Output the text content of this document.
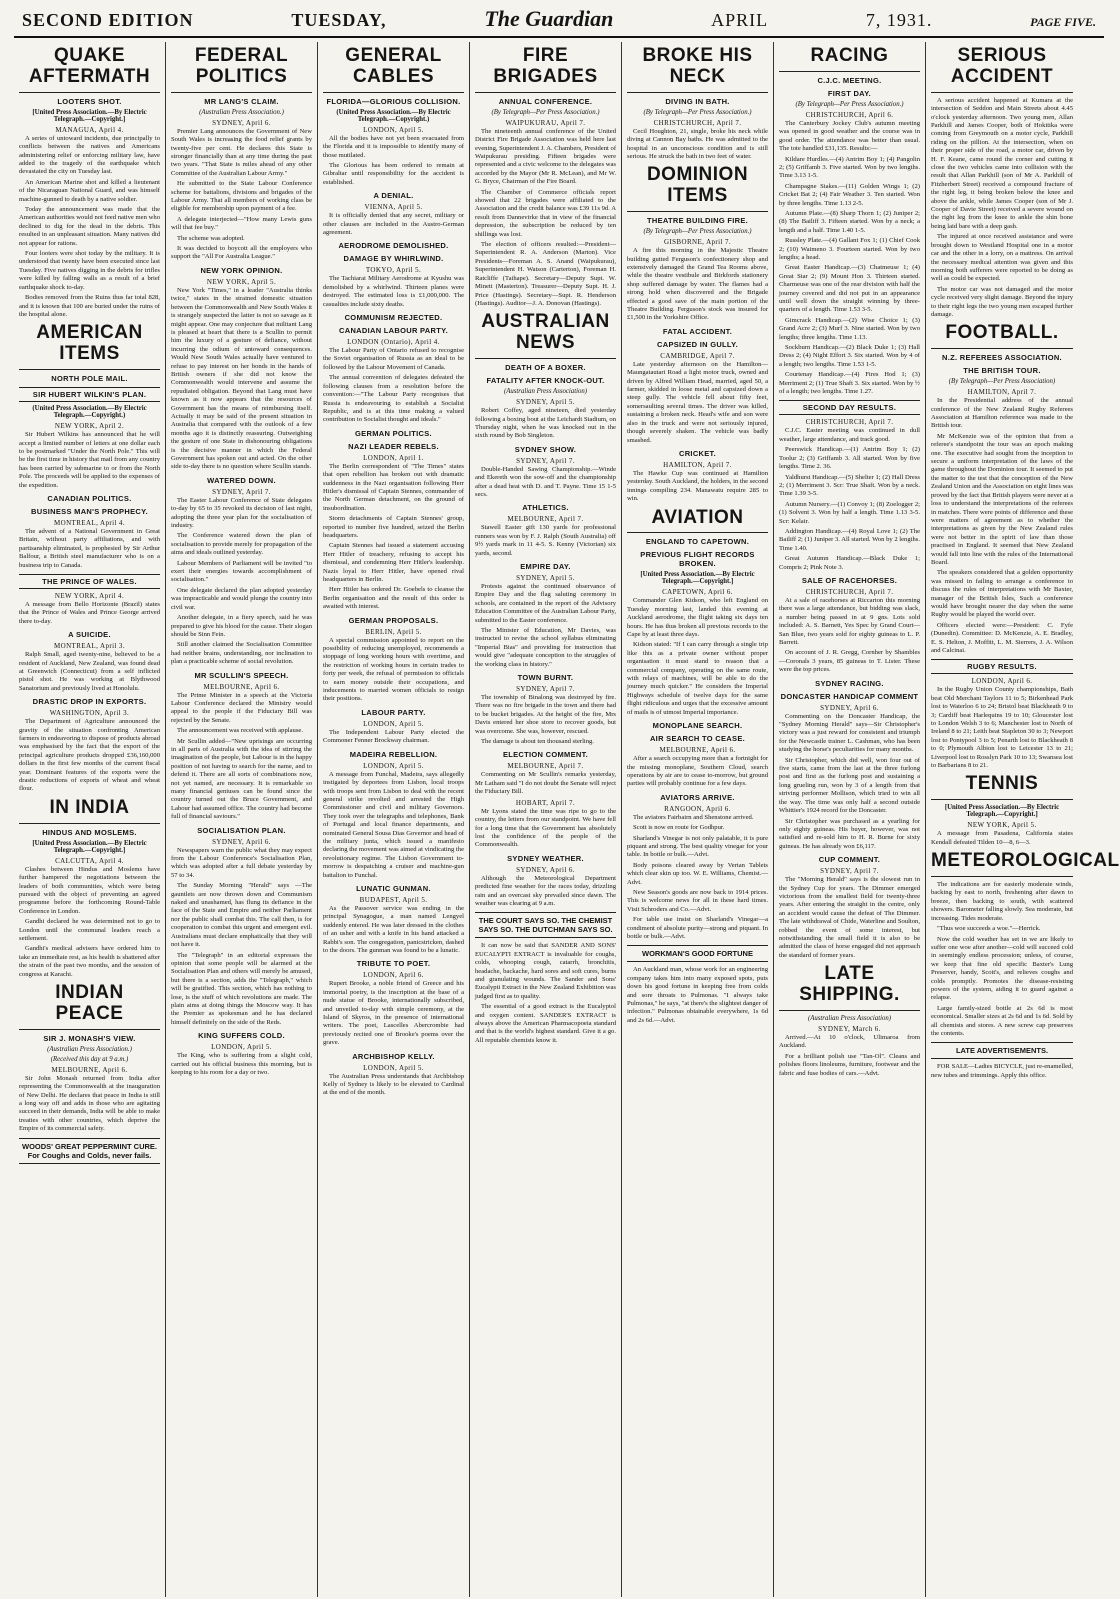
SECOND EDITION	TUESDAY,	The Guardian	APRIL	7, 1931.	PAGE FIVE.
QUAKE AFTERMATH
LOOTERS SHOT.
[United Press Association.—By Electric Telegraph.—Copyright.]
MANAGUA, April 4.
A series of untoward incidents, due principally to conflicts between the natives and Americans administering relief or enforcing military law, have added to the tragedy of the earthquake which devastated the city on Tuesday last.
An American Marine shot and killed a lieutenant of the Nicaraguan National Guard, and was himself machine-gunned to death by a native soldier.
Today the announcement was made that the American authorities would not feed native men who declined to dig for the dead in the debris. This resulted in an unpleasant situation. Many natives did not appear for rations.
Four looters were shot today by the military. It is understood that twenty have been executed since last Tuesday. Five natives digging in the debris for trifles were killed by falling walls as a result of a brief earthquake shock to-day.
Bodies removed from the Ruins thus far total 828, and it is known that 100 are buried under the ruins of the hospital alone.
AMERICAN ITEMS
NORTH POLE MAIL.
SIR HUBERT WILKIN'S PLAN.
(United Press Association.—By Electric Telegraph.—Copyright.)
NEW YORK, April 2.
Sir Hubert Wilkins has announced that he will accept a limited number of letters at one dollar each to be postmarked "Under the North Pole." This will be the first time in history that mail from any country has been carried by submarine to or from the North Pole. The proceeds will be applied to the expenses of the expedition.
CANADIAN POLITICS.
BUSINESS MAN'S PROPHECY.
MONTREAL, April 4.
The advent of a National Government in Great Britain, without party affiliations, and with partisanship eliminated, is prophesied by Sir Arthur Balfour, a British steel manufacturer who is on a business trip to Canada.
THE PRINCE OF WALES.
NEW YORK, April 4.
A message from Bello Horizonte (Brazil) states that the Prince of Wales and Prince George arrived there to-day.
A SUICIDE.
MONTREAL, April 3.
Ralph Small, aged twenty-nine, believed to be a resident of Auckland, New Zealand, was found dead at Greenwich (Connecticut) from a self inflicted pistol shot. He was working at Blythwood Sanatorium and previously lived at Honolulu.
DRASTIC DROP IN EXPORTS.
WASHINGTON, April 3.
The Department of Agriculture announced the gravity of the situation confronting American farmers in endeavoring to dispose of products abroad was emphasised by the fact that the export of the principal agriculture products dropped £36,160,000 dollars in the first few months of the current fiscal year. Dominant features of the exports were the drastic reductions of exports of wheat and wheat flour.
IN INDIA
HINDUS AND MOSLEMS.
[United Press Association.—By Electric Telegraph.—Copyright.]
CALCUTTA, April 4.
Clashes between Hindus and Moslems have further hampered the negotiations between the leaders of both communities, which were being pursued with the object of preventing an agreed programme before the forthcoming Round-Table Conference in London.
Gandhi declared he was determined not to go to London until the communal leaders reach a settlement.
Gandhi's medical advisers have ordered him to take an immediate rest, as his health is shattered after the strain of the past two months, and the session of congress at Karachi.
INDIAN PEACE
SIR J. MONASH'S VIEW.
(Australian Press Association.)
(Received this day at 9 a.m.)
MELBOURNE, April 6.
Sir John Monash returned from India after representing the Commonwealth at the inauguration of New Delhi. He declares that peace in India is still a long way off and adds in those who are agitating succeed in their demands, India will be able to make treaties with other countries, which deprive the Empire of its commercial safety.
WOODS' GREAT PEPPERMINT CURE. For Coughs and Colds, never fails.
FEDERAL POLITICS
MR LANG'S CLAIM.
(Australian Press Association.)
SYDNEY, April 6.
Premier Lang announces the Government of New South Wales is increasing the food relief grants by twenty-five per cent. He declares this State is stronger financially than at any time during the past two years. "That State is miles ahead of any other Committee of the Australian Labour Army."
He submitted to the State Labour Conference scheme for battalions, divisions and brigades of the Labour Army. That all members of working class be eligible for membership upon payment of a fee.
A delegate interjected—"How many Lewis guns will that fee buy."
The scheme was adopted.
It was decided to boycott all the employers who support the "All For Australia League."
NEW YORK OPINION.
NEW YORK, April 5.
New York "Times," in a leader "Australia thinks twice," states in the strained domestic situation between the Commonwealth and New South Wales it is strangely suspected the latter is not so savage as it might appear. One may conjecture that militant Lang is pleased at heart that there is a Scullin to permit him the luxury of a gesture of defiance, without incurring the odium of untoward consequences. Would New South Wales actually have ventured to refuse to pay interest on her bonds in the hands of British owners if she did not know the Commonwealth would intervene and assume the repudiated obligation. Beyond that Lang must have known as it now appears that the resources of Government has the means of reimbursing itself. Actually it may be said of the present situation in Australia that compared with the outlook of a few months ago it is distinctly reassuring. Outweighing the gesture of one State in dishonouring obligations is the decisive manner in which the Federal Government has spoken out and acted. On the other side to-day there is no question where Scullin stands.
WATERED DOWN.
SYDNEY, April 7.
The Easter Labour Conference of State delegates to-day by 65 to 35 revoked its decision of last night, adopting the three year plan for the socialisation of industry.
The Conference watered down the plan of socialisation to provide merely for propagation of the aims and ideals outlined yesterday.
Labour Members of Parliament will be invited "to exert their energies towards accomplishment of socialisation."
One delegate declared the plan adopted yesterday was impracticable and would plunge the country into civil war.
Another delegate, in a fiery speech, said he was prepared to give his blood for the cause. Their slogan should be Sinn Fein.
Still another claimed the Socialisation Committee had neither brains, understanding, nor inclination to plan a practicable scheme of social revolution.
MR SCULLIN'S SPEECH.
MELBOURNE, April 6.
The Prime Minister in a speech at the Victoria Labour Conference declared the Ministry would appeal to the people if the Fiduciary Bill was rejected by the Senate.
The announcement was received with applause.
Mr Scullin added—"New uprisings are occurring in all parts of Australia with the idea of stirring the imagination of the people, but Labour is in the happy position of not having to search for the name, and to defend it. There are all sorts of combinations now, not yet named, are necessary. It is remarkable so many financial geniuses can be found since the country turned out the Bruce Government, and Labour had assumed office. The country had become full of financial saviours."
SOCIALISATION PLAN.
SYDNEY, April 6.
Newspapers warn the public what they may expect from the Labour Conference's Socialisation Plan, which was adopted after a full debate yesterday by 57 to 34.
The Sunday Morning "Herald" says —The gauntlets are now thrown down and Communism naked and unashamed, has flung its defiance in the face of the State and Empire and neither Parliament nor the public shall combat this. The call then, is for cooperation to combat this urgent and emergent evil. Australians must declare emphatically that they will not have it.
The "Telegraph" in an editorial expresses the opinion that some people will be alarmed at the Socialisation Plan and others will merely be amused, but there is a section, adds the "Telegraph," which will be gratified. This section, which has nothing to lose, is the stuff of which revolutions are made. The plain aims at doing things the Moscow way. It has the Premier as spokesman and he has declared himself definitely on the side of the Reds.
KING SUFFERS COLD.
LONDON, April 5.
The King, who is suffering from a slight cold, carried out his official business this morning, but is keeping to his room for a day or two.
GENERAL CABLES
FLORIDA—GLORIOUS COLLISION.
(United Press Association.—By Electric Telegraph.—Copyright.)
LONDON, April 5.
All the bodies have not yet been evacuated from the Florida and it is impossible to identify many of those mutilated.
The Glorious has been ordered to remain at Gibraltar until responsibility for the accident is established.
A DENIAL.
VIENNA, April 5.
It is officially denied that any secret, military or other clauses are included in the Austro-German agreement.
AERODROME DEMOLISHED.
DAMAGE BY WHIRLWIND.
TOKYO, April 5.
The Tachiarai Military Aerodrome at Kyushu was demolished by a whirlwind. Thirteen planes were destroyed. The estimated loss is £1,000,000. The casualties include sixty deaths.
COMMUNISM REJECTED.
CANADIAN LABOUR PARTY.
LONDON (Ontario), April 4.
The Labour Party of Ontario refused to recognise the Soviet organisation of Russia as an ideal to be followed by the Labour Movement of Canada.
The annual convention of delegates defeated the following clauses from a resolution before the convention:—"The Labour Party recognises that Russia is endeavouring to establish a Socialist Republic, and is at this time making a valued contribution to Socialist thought and ideals."
GERMAN POLITICS.
NAZI LEADER REBELS.
LONDON, April 1.
The Berlin correspondent of "The Times" states that open rebellion has broken out with dramatic suddenness in the Nazi organisation following Herr Hitler's dismissal of Captain Stennes, commander of the North German detachment, on the ground of insubordination.
Storm detachments of Captain Stennes' group, reported to number five hundred, seized the Berlin headquarters.
Captain Stennes had issued a statement accusing Herr Hitler of treachery, refusing to accept his dismissal, and condemning Herr Hitler's leadership. Nazis loyal to Herr Hitler, have opened rival headquarters in Berlin.
Herr Hitler has ordered Dr. Goebels to cleanse the Berlin organisation and the result of this order is awaited with interest.
GERMAN PROPOSALS.
BERLIN, April 5.
A special commission appointed to report on the possibility of reducing unemployed, recommends a stoppage of long working hours with overtime, and the restriction of working hours in certain trades to forty per week, the refusal of permission to officials to earn money outside their occupations, and inducements to married women officials to resign their positions.
LABOUR PARTY.
LONDON, April 5.
The Independent Labour Party elected the Commoner Fenner Brockway chairman.
MADEIRA REBELLION.
LONDON, April 5.
A message from Funchal, Madeira, says allegedly instigated by deportees from Lisbon, local troops with troops sent from Lisbon to deal with the recent general strike revolted and arrested the High Commissioner and civil and military Governors. They took over the telegraphs and telephones, Bank of Portugal and local finance departments, and nominated General Sousa Dias Governor and head of the military junta, which issued a manifesto declaring the movement was aimed at vindicating the revolutionary regime. The Lisbon Government to-morrow is despatching a cruiser and machine-gun battalion to Funchal.
LUNATIC GUNMAN.
BUDAPEST, April 5.
As the Passover service was ending in the principal Synagogue, a man named Lengyel suddenly entered. He was later dressed in the clothes of an usher and with a knife in his hand attacked a Rabbi's son. The congregation, panicstricken, dashed to the doors. The gunman was found to be a lunatic.
TRIBUTE TO POET.
LONDON, April 6.
Rupert Brooke, a noble friend of Greece and his immortal poetry, is the inscription at the base of a nude statue of Brooke, internationally subscribed, and unveiled to-day with simple ceremony, at the Island of Skyros, in the presence of international writers. The poet, Lascelles Abercrombie had previously recited one of Brooke's poems over the grave.
ARCHBISHOP KELLY.
LONDON, April 5.
The Australian Press understands that Archbishop Kelly of Sydney is likely to be elevated to Cardinal at the end of the month.
FIRE BRIGADES
ANNUAL CONFERENCE.
(By Telegraph—Per Press Association.)
WAIPUKURAU, April 7.
The nineteenth annual conference of the United District Fire Brigade Association was held here last evening, Superintendent J. A. Chambers, President of Waipukurau presiding. Fifteen brigades were represented and a civic welcome to the delegates was accorded by the Mayor (Mr R. McLean), and Mr W. G. Bryce, Chairman of the Fire Board.
The Chamber of Commerce officials report showed that 22 brigades were affiliated to the Association and the credit balance was £39 11s 9d. A result from Dannevirke that in view of the financial depression, the subscription be reduced by ten shillings was lost.
The election of officers resulted:—President—Superintendent R. A. Anderson (Marton). Vice Presidents—Foreman A. S. Anand (Waipukurau), Superintendent H. Watson (Carterton), Foreman H. Ratcliffe (Taihape). Secretary—Deputy Supt. W. Minett (Masterton). Treasurer—Deputy Supt. H. J. Price (Hastings). Secretary—Supt. R. Henderson (Hastings). Auditor—J. A. Donovan (Hastings).
AUSTRALIAN NEWS
DEATH OF A BOXER.
FATALITY AFTER KNOCK-OUT.
(Australian Press Association)
SYDNEY, April 5.
Robert Coffey, aged nineteen, died yesterday following a boxing bout at the Leichardt Stadium, on Thursday night, when he was knocked out in the sixth round by Bob Singleton.
SYDNEY SHOW.
SYDNEY, April 7.
Double-Handed Sawing Championship.—Winde and Ekereth won the sow-off and the championship after a dead heat with D. and T. Payne. Time 15 1-5 secs.
ATHLETICS.
MELBOURNE, April 7.
Stawell Easter gift 130 yards for professional runners was won by F. J. Ralph (South Australia) off 9½ yards mark in 11 4-5. S. Kenny (Victorian) six yards, second.
EMPIRE DAY.
SYDNEY, April 5.
Protests against the continued observance of Empire Day and the flag saluting ceremony in schools, are contained in the report of the Advisory Education Committee of the Australian Labour Party, submitted to the Easter conference.
The Minister of Education, Mr Davies, was instructed to revise the school syllabus eliminating "Imperial Bias" and providing for instruction that would give "adequate conception to the struggles of the working class in history."
TOWN BURNT.
SYDNEY, April 7.
The township of Binalong was destroyed by fire. There was no fire brigade in the town and there had to be bucket brigades. At the height of the fire, Mrs Davis entered her shoe store to recover goods, but was overcome. She was, however, rescued.
The damage is about ten thousand sterling.
ELECTION COMMENT.
MELBOURNE, April 7.
Commenting on Mr Scullin's remarks yesterday, Mr Latham said "I do not doubt the Senate will reject the Fiduciary Bill.
HOBART, April 7.
Mr Lyons stated the time was ripe to go to the country, the letters from our standpoint. We have fell for a long time that the Government has absolutely lost the confidence of the people of the Commonwealth.
SYDNEY WEATHER.
SYDNEY, April 6.
Although the Meteorological Department predicted fine weather for the races today, drizzling rain and an overcast sky prevailed since dawn. The weather was clearing at 9 a.m.
THE COURT SAYS SO. THE CHEMIST SAYS SO. THE DUTCHMAN SAYS SO.
It can now be said that SANDER AND SONS' EUCALYPTI EXTRACT is invaluable for coughs, colds, whooping cough, catarrh, bronchitis, headache, backache, hard sores and soft cures, burns and granulating wounds. The Sander and Sons' Eucalypti Extract in the New Zealand Exhibition was judged first as to quality.
The essential of a good extract is the Eucalyptol and oxygen content. SANDER'S EXTRACT is always above the American Pharmacopoeia standard and that is the world's highest standard. Give it a go. All reputable chemists know it.
BROKE HIS NECK
DIVING IN BATH.
(By Telegraph—Per Press Association.)
CHRISTCHURCH, April 7.
Cecil Houghton, 21, single, broke his neck while diving at Cannon Bay baths. He was admitted to the hospital in an unconscious condition and is still serious. He struck the bath in two feet of water.
DOMINION ITEMS
THEATRE BUILDING FIRE.
(By Telegraph—Per Press Association.)
GISBORNE, April 7.
A fire this morning in the Majestic Theatre building gutted Ferguson's confectionery shop and extensively damaged the Grand Tea Rooms above, while the theatre vestibule and Birkfords stationery shop suffered damage by water. The flames had a strong hold when discovered and the Brigade effected a good save of the main portion of the Theatre Building. Ferguson's stock was insured for £1,500 in the Yorkshire Office.
FATAL ACCIDENT.
CAPSIZED IN GULLY.
CAMBRIDGE, April 7.
Late yesterday afternoon on the Hamilton—Maungatautari Road a light motor truck, owned and driven by Alfred William Head, married, aged 50, a farmer, skidded in loose metal and capsized down a steep gully. The vehicle fell about fifty feet, somersaulting several times. The driver was killed, sustaining a broken neck. Head's wife and son were also in the truck and were not seriously injured, though severely shaken. The vehicle was badly smashed.
CRICKET.
HAMILTON, April 7.
The Hawke Cup was continued at Hamilton yesterday. South Auckland, the holders, in the second innings compiling 234. Manawatu require 285 to win.
AVIATION
ENGLAND TO CAPETOWN.
PREVIOUS FLIGHT RECORDS BROKEN.
[United Press Association.—By Electric Telegraph.—Copyright.]
CAPETOWN, April 6.
Commander Glen Kidson, who left England on Tuesday morning last, landed this evening at Auckland aerodrome, the flight taking six days ten hours. He has thus broken all previous records to the Cape by at least three days.
Kidson stated: "If I can carry through a single trip like this as a private owner without proper organisation it must stand to reason that a commercial company, operating on the same route, with relays of machines, will be able to do the journey much quicker." He considers the Imperial Highways schedule of twelve days for the same flight ridiculous and urges that the excessive amount of mails is of utmost Imperial importance.
MONOPLANE SEARCH.
AIR SEARCH TO CEASE.
MELBOURNE, April 6.
After a search occupying more than a fortnight for the missing monoplane, Southern Cloud, search operations by air are to cease to-morrow, but ground parties will probably continue for a few days.
AVIATORS ARRIVE.
RANGOON, April 6.
The aviators Fairbairn and Shenstone arrived.
Scott is now en route for Godhpur.
Sharland's Vinegar is not only palatable, it is pure piquant and strong. The best quality vinegar for your table. In bottle or bulk.—Advt.
Body poisons cleared away by Vertan Tablets which clear skin up too. W. E. Williams, Chemist.—Advt.
New Season's goods are now back to 1914 prices. This is welcome news for all in these hard times. Visit Schroders and Co.—Advt.
For table use insist on Sharland's Vinegar—a condiment of absolute purity—strong and piquant. In bottle or bulk.—Advt.
WORKMAN'S GOOD FORTUNE
An Auckland man, whose work for an engineering company takes him into many exposed spots, puts down his good fortune in keeping free from colds and sore throats to Pulmonas. "I always take Pulmonas," he says, "at there's the slightest danger of infection." Pulmonas obtainable everywhere, 1s 6d and 2s 6d.—Advt.
RACING
C.J.C. MEETING.
FIRST DAY.
(By Telegraph—Per Press Association.)
CHRISTCHURCH, April 6.
The Canterbury Jockey Club's autumn meeting was opened in good weather and the course was in good order. The attendance was better than usual. The tote handled £31,135. Results:—
Kildare Hurdles.—(4) Antrim Boy 1; (4) Pangolin 2; (5) Griffamb 3. Five started. Won by two lengths. Time 3.13 1-5.
Champagne Stakes.—(11) Golden Wings 1; (2) Cricket Bat 2; (4) Fair Weather 3. Ten started. Won by three lengths. Time 1.13 2-5.
Autumn Plate.—(8) Sharp Thorn 1; (2) Juniper 2; (8) The Bailiff 3. Fifteen started. Won by a neck; a length and a half. Time 1.40 1-5.
Russley Plate.—(4) Gallant Fox 1; (1) Chief Cook 2; (10) Waimeno 3. Fourteen started. Won by two lengths; a head.
Great Easter Handicap.—(3) Chatmeuse 1; (4) Great Star 2; (9) Mount Hon 3. Thirteen started. Charmeuse was one of the rear division with half the journey covered and did not put in an appearance until well down the straight winning by three-quarters of a length. Time 1.53 3-5.
Gimcrack Handicap.—(2) Wise Choice 1; (3) Grand Acre 2; (3) Murf 3. Nine started. Won by two lengths; three lengths. Time 1.13.
Sockburn Handicap.—(2) Black Duke 1; (3) Hall Dress 2; (4) Night Effort 3. Six started. Won by 4 of a length; two lengths. Time 1.53 1-5.
Courtenay Handicap.—(4) Fires Hod 1; (3) Merriment 2; (1) True Shaft 3. Six started. Won by ½ of a length; two lengths. Time 1.27.
SECOND DAY RESULTS.
CHRISTCHURCH, April 7.
C.J.C. Easter meeting was continued in dull weather, large attendance, and track good.
Peerswick Handicap.—(1) Antrim Boy 1; (2) Toolur 2; (3) Griffamb 3. All started. Won by five lengths. Time 2. 36.
Yaldhurst Handicap.—(5) Shelter 1; (2) Hall Dress 2; (1) Merriment 3. Scr: True Shaft. Won by a neck. Time 1.39 3-5.
Autumn Nursery.—(1) Convoy 1; (8) Zoelogger 2; (1) Solvent 3. Won by half a length. Time 1.13 3-5. Scr: Kelair.
Addington Handicap.—(4) Royal Love 1; (2) The Bailiff 2; (1) Juniper 3. All started. Won by 2 lengths. Time 1.40.
Great Autumn Handicap.—Black Duke 1; Compris 2; Pink Note 3.
SALE OF RACEHORSES.
CHRISTCHURCH, April 7.
At a sale of racehorses at Riccarton this morning there was a large attendance, but bidding was slack, a number being passed in at 9 gns. Lots sold included: A. S. Barnett, Yes Spec by Grand Court—San Blue, two years sold for eighty guineas to L. P. Barrett.
On account of J. R. Gregg, Cornher by Shambles—Coronals 3 years, 85 guineas to T. Lister. These were the top prices.
SYDNEY RACING.
DONCASTER HANDICAP COMMENT
SYDNEY, April 6.
Commenting on the Doncaster Handicap, the "Sydney Morning Herald" says—Sir Christopher's victory was a just reward for consistent and triumph for the Newcastle trainer L. Cashman, who has been studying the horse's peculiarities for many months.
Sir Christopher, which did well, won four out of five starts, came from the last at the three furlong post and first as the furlong post and sustaining a long grueling run, won by 3 of a length from that striving performer Mollison, which tried to win all the way. The time was only half a second outside Whittier's 1924 record for the Doncaster.
Sir Christopher was purchased as a yearling for only eighty guineas. His buyer, however, was not satisfied and re-sold him to H. R. Burne for sixty guineas. He has already won £6,117.
CUP COMMENT.
SYDNEY, April 7.
The "Morning Herald" says is the slowest run in the Sydney Cup for years. The Dimmer emerged victorious from the smallest field for twenty-three years. After entering the straight in the centre, only an accident would cause the defeat of The Dimmer. The late withdrawal of Chide, Waterline and Soulton, robbed the event of some interest, but notwithstanding the small field it is also to be admitted the class of horse engaged did not approach the standard of former years.
LATE SHIPPING.
(Australian Press Association)
SYDNEY, March 6.
Arrived.—At 10 o'clock, Ulimaroa from Auckland.
For a brilliant polish use "Tan-Ol". Cleans and polishes floors linoleums, furniture, footwear and the fabric and fuse bodies of cars.—Advt.
SERIOUS ACCIDENT
A serious accident happened at Kumara at the intersection of Seddon and Main Streets about 4.45 o'clock yesterday afternoon. Two young men, Allan Parkhill and James Cooper, both of Hokitika were coming from Greymouth on a motor cycle, Parkhill riding on the pillion. At the intersection, when on their proper side of the road, a motor car, driven by H. F. Keane, came round the corner and cutting it close the two vehicles came into collision with the result that Allan Parkhill (son of Mr A. Parkhill of Fitzherbert Street) received a compound fracture of the right leg, it being broken below the knee and above the ankle, while James Cooper (son of Mr J. Cooper of Davie Street) received a severe wound on the right leg from the knee to ankle the shin bone being laid bare with a deep gash.
The injured at once received assistance and were brought down to Westland Hospital one in a motor car and the other in a lorry, on a mattress. On arrival the necessary medical attention was given and this morning both sufferers were reported to be doing as well as could be expected.
The motor car was not damaged and the motor cycle received very slight damage. Beyond the injury to their right legs the two young men escaped further damage.
FOOTBALL.
N.Z. REFEREES ASSOCIATION.
THE BRITISH TOUR.
(By Telegraph—Per Press Association)
HAMILTON, April 7.
In the Presidential address of the annual conference of the New Zealand Rugby Referees Association at Hamilton reference was made to the British tour.
Mr McKenzie was of the opinion that from a referee's standpoint the tour was an epoch making one. The executive had sought from the inception to secure a uniform interpretation of the laws of the game throughout the Dominion tour. It seemed to put the matter to the test that the conception of the New Zealand Union and the Association on eight lines was proved by the fact that British players were never at a loss to understand the interpretations of the referees in matches. There were points of difference and these were matters of agreement as to whether the interpretations as given by the New Zealand rules were not better in the spirit of law than those practised in England. It seemed that New Zealand would fall into line with the rules of the International Board.
The speakers considered that a golden opportunity was missed in failing to arrange a conference to discuss the rules of interpretations with Mr Baxter, manager of the British Isles, Such a conference would have brought nearer the day when the same Rugby would be played the world over.
Officers elected were:—President: C. Fyfe (Dunedin). Committee: D. McKenzie, A. E. Bradley, E. S. Helton, J. Moffitt, L. M. Sierrers, J. A. Wilson and Calcinai.
RUGBY RESULTS.
LONDON, April 6.
In the Rugby Union County championships, Bath beat Old Merchant Taylors 11 to 5; Birkenhead Park lost to Waterloo 6 to 24; Bristol beat Blackheath 9 to 3; Cardiff beat Harlequins 19 to 10; Gloucester lost to London Welsh 3 to 6; Manchester lost to North of Ireland 8 to 21; Leith beat Stapleton 30 to 3; Newport lost to Pontypool 3 to 5; Penarth lost to Blackheath 8 to 0; Plymouth Albion lost to Leicester 13 to 21; Liverpool lost to Rosslyn Park 10 to 13; Swansea lost to Barbarians 8 to 21.
TENNIS
[United Press Association.—By Electric Telegraph.—Copyright.]
NEW YORK, April 5.
A message from Pasadena, California states Kendall defeated Tilden 10—8, 6—3.
METEOROLOGICAL
The indications are for easterly moderate winds, backing by east to north, freshening after dawn to breeze, then backing to south, with scattered showers. Barometer falling slowly. Sea moderate, but increasing. Tides moderate.
"Thus woe succeeds a woe."—Herrick.
Now the cold weather has set in we are likely to suffer one woe after another—cold will succeed cold in seemingly endless procession; unless, of course, we keep that fine old specific Baxter's Lung Preserver, handy, Scott's, and relieves coughs and colds promptly. Promotes the disease-resisting powers of the system, aiding it to guard against a relapse.
Large family-sized bottle at 2s 6d is most economical. Smaller sizes at 2s 6d and 1s 6d. Sold by all chemists and stores. A new screw cap preserves the contents.
LATE ADVERTISEMENTS.
FOR SALE—Ladies BICYCLE, just re-enamelled, new tubes and trimmings. Apply this office.
